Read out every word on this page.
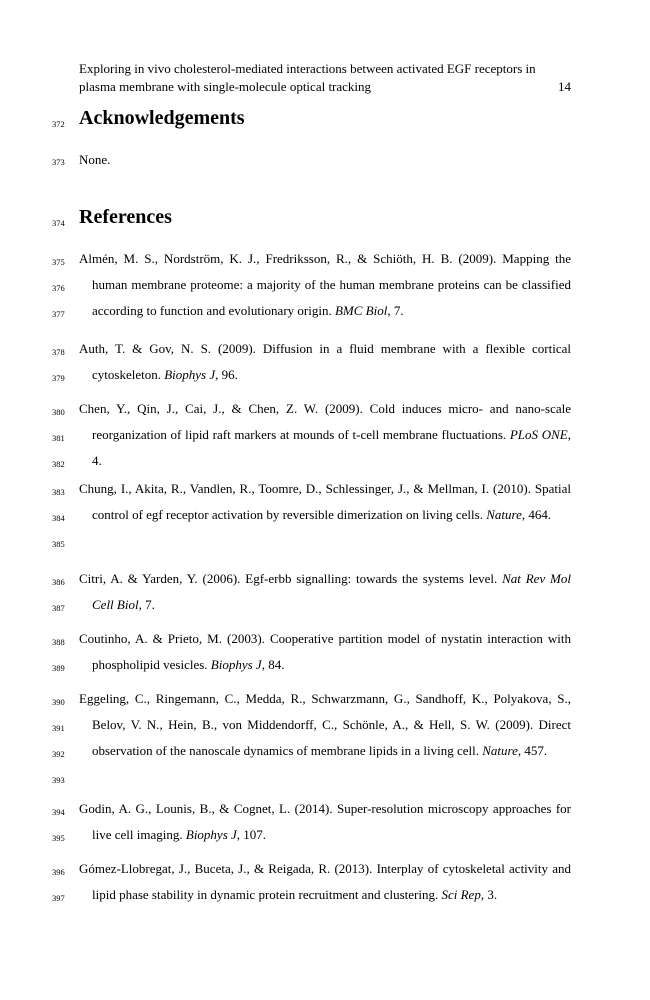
Exploring in vivo cholesterol-mediated interactions between activated EGF receptors in
plasma membrane with single-molecule optical tracking	14
372 Acknowledgements
373 None.
374 References
375
376
377
Almén, M. S., Nordström, K. J., Fredriksson, R., & Schiöth, H. B. (2009). Mapping the human membrane proteome: a majority of the human membrane proteins can be classified according to function and evolutionary origin. BMC Biol, 7.
378
379
Auth, T. & Gov, N. S. (2009). Diffusion in a fluid membrane with a flexible cortical cytoskeleton. Biophys J, 96.
380
381
382
Chen, Y., Qin, J., Cai, J., & Chen, Z. W. (2009). Cold induces micro- and nano-scale reorganization of lipid raft markers at mounds of t-cell membrane fluctuations. PLoS ONE, 4.
383
384
385
Chung, I., Akita, R., Vandlen, R., Toomre, D., Schlessinger, J., & Mellman, I. (2010). Spatial control of egf receptor activation by reversible dimerization on living cells. Nature, 464.
386
387
Citri, A. & Yarden, Y. (2006). Egf-erbb signalling: towards the systems level. Nat Rev Mol Cell Biol, 7.
388
389
Coutinho, A. & Prieto, M. (2003). Cooperative partition model of nystatin interaction with phospholipid vesicles. Biophys J, 84.
390
391
392
393
Eggeling, C., Ringemann, C., Medda, R., Schwarzmann, G., Sandhoff, K., Polyakova, S., Belov, V. N., Hein, B., von Middendorff, C., Schönle, A., & Hell, S. W. (2009). Direct observation of the nanoscale dynamics of membrane lipids in a living cell. Nature, 457.
394
395
Godin, A. G., Lounis, B., & Cognet, L. (2014). Super-resolution microscopy approaches for live cell imaging. Biophys J, 107.
396
397
Gómez-Llobregat, J., Buceta, J., & Reigada, R. (2013). Interplay of cytoskeletal activity and lipid phase stability in dynamic protein recruitment and clustering. Sci Rep, 3.
